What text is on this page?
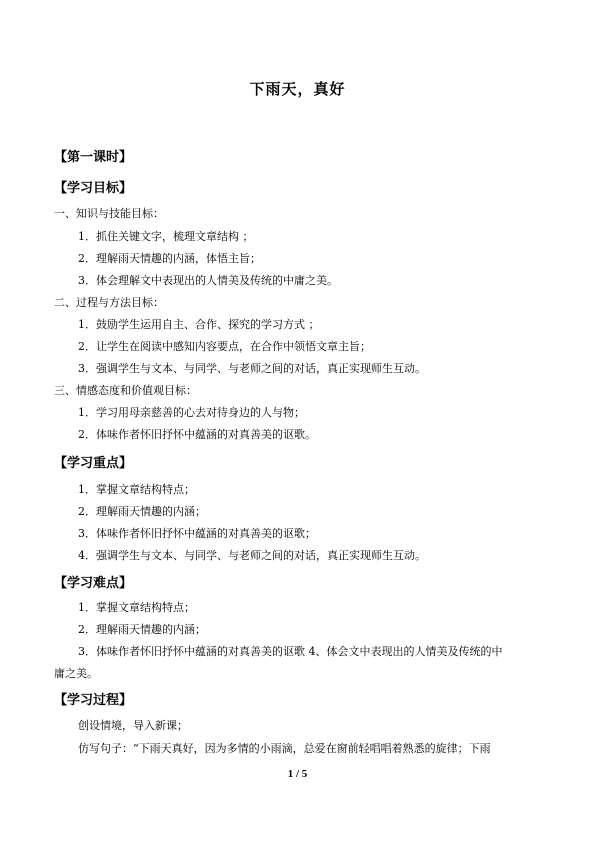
下雨天，真好
【第一课时】
【学习目标】
一、知识与技能目标：
1．抓住关键文字，梳理文章结构 ；
2．理解雨天情趣的内涵，体悟主旨；
3．体会理解文中表现出的人情美及传统的中庸之美。
二、过程与方法目标：
1．鼓励学生运用自主、合作、探究的学习方式 ；
2．让学生在阅读中感知内容要点，在合作中领悟文章主旨；
3．强调学生与文本、与同学、与老师之间的对话，真正实现师生互动。
三、情感态度和价值观目标：
1．学习用母亲慈善的心去对待身边的人与物；
2．体味作者怀旧抒怀中蕴涵的对真善美的讴歌。
【学习重点】
1．掌握文章结构特点；
2．理解雨天情趣的内涵；
3．体味作者怀旧抒怀中蕴涵的对真善美的讴歌；
4．强调学生与文本、与同学、与老师之间的对话，真正实现师生互动。
【学习难点】
1．掌握文章结构特点；
2．理解雨天情趣的内涵；
3．体味作者怀旧抒怀中蕴涵的对真善美的讴歌 4、体会文中表现出的人情美及传统的中
庸之美。
【学习过程】
创设情境，导入新课；
仿写句子：“下雨天真好，因为多情的小雨滴，总爱在窗前轻唱唱着熟悉的旋律；下雨
1 / 5
